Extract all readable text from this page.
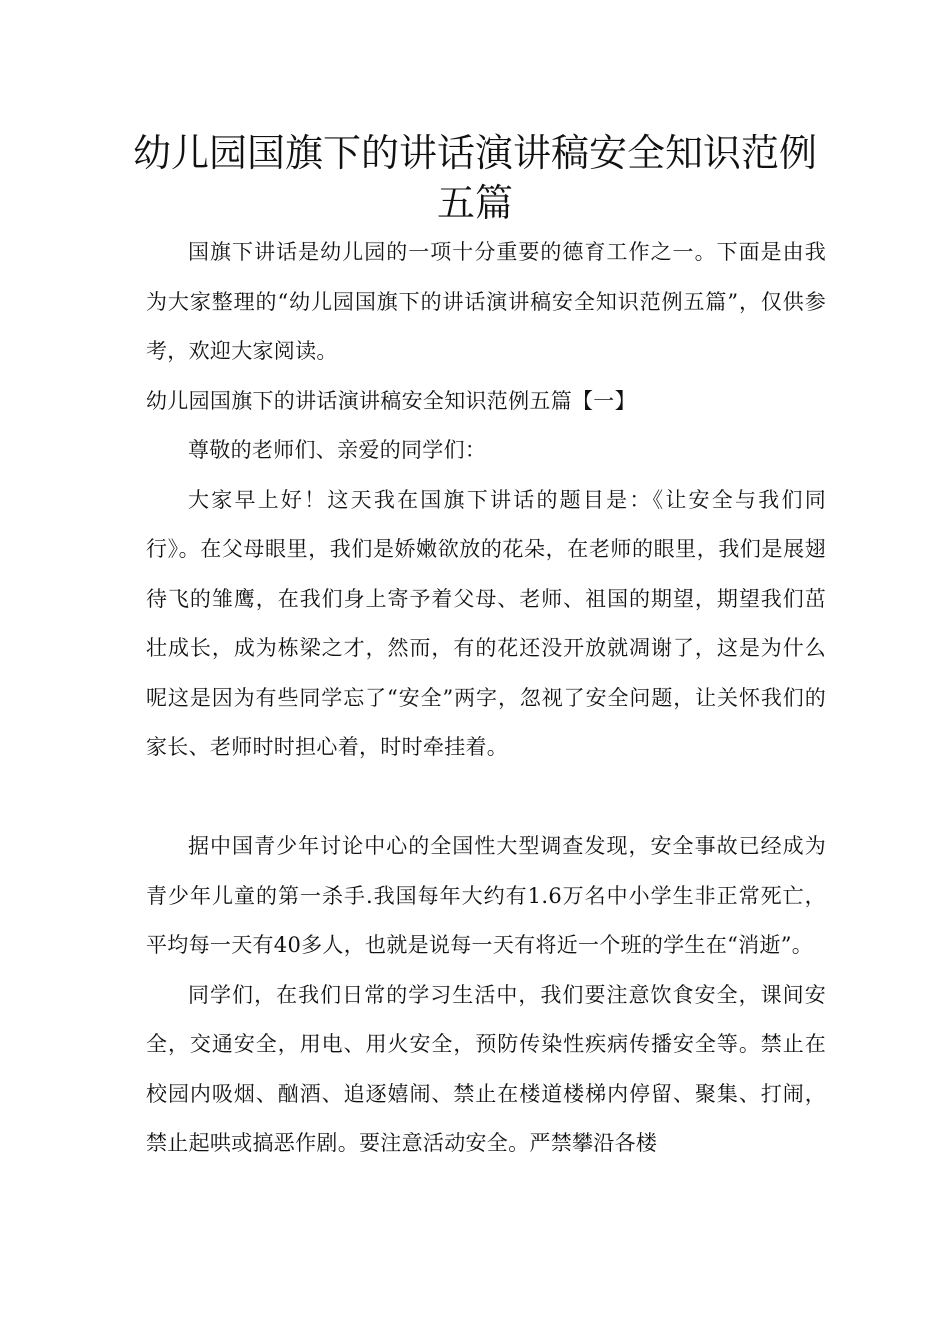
幼儿园国旗下的讲话演讲稿安全知识范例五篇

国旗下讲话是幼儿园的一项十分重要的德育工作之一。下面是由我为大家整理的“幼儿园国旗下的讲话演讲稿安全知识范例五篇”，仅供参考，欢迎大家阅读。

幼儿园国旗下的讲话演讲稿安全知识范例五篇【一】

尊敬的老师们、亲爱的同学们：

大家早上好！这天我在国旗下讲话的题目是：《让安全与我们同行》。在父母眼里，我们是娇嫩欲放的花朵，在老师的眼里，我们是展翅待飞的雏鹰，在我们身上寄予着父母、老师、祖国的期望，期望我们茁壮成长，成为栋梁之才，然而，有的花还没开放就凋谢了，这是为什么呢这是因为有些同学忘了“安全”两字，忽视了安全问题，让关怀我们的家长、老师时时担心着，时时牵挂着。

据中国青少年讨论中心的全国性大型调查发现，安全事故已经成为青少年儿童的第一杀手.我国每年大约有1.6万名中小学生非正常死亡，平均每一天有40多人，也就是说每一天有将近一个班的学生在“消逝”。

同学们，在我们日常的学习生活中，我们要注意饮食安全，课间安全，交通安全，用电、用火安全，预防传染性疾病传播安全等。禁止在校园内吸烟、酗酒、追逐嬉闹、禁止在楼道楼梯内停留、聚集、打闹，禁止起哄或搞恶作剧。要注意活动安全。严禁攀沿各楼
